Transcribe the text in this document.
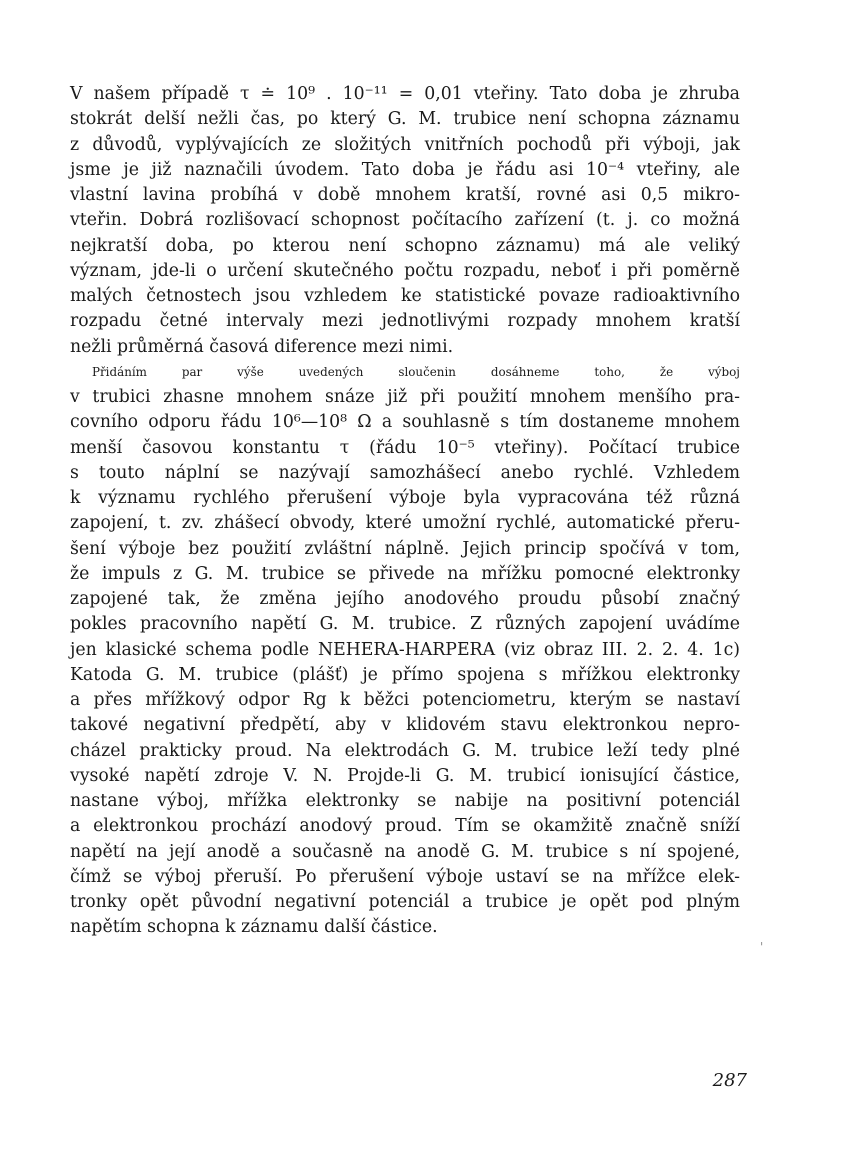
V našem případě τ ≐ 10⁹ . 10⁻¹¹ = 0,01 vteřiny. Tato doba je zhruba
stokrát delší nežli čas, po který G. M. trubice není schopna záznamu
z důvodů, vyplývajících ze složitých vnitřních pochodů při výboji, jak
jsme je již naznačili úvodem. Tato doba je řádu asi 10⁻⁴ vteřiny, ale
vlastní lavina probíhá v době mnohem kratší, rovné asi 0,5 mikro-
vteřin. Dobrá rozlišovací schopnost počítacího zařízení (t. j. co možná
nejkratší doba, po kterou není schopno záznamu) má ale veliký
význam, jde-li o určení skutečného počtu rozpadu, neboť i při poměrně
malých četnostech jsou vzhledem ke statistické povaze radioaktivního
rozpadu četné intervaly mezi jednotlivými rozpady mnohem kratší
nežli průměrná časová diference mezi nimi.
Přidáním par výše uvedených sloučenin dosáhneme toho, že výboj
v trubici zhasne mnohem snáze již při použití mnohem menšího pra-
covního odporu řádu 10⁶—10⁸ Ω a souhlasně s tím dostaneme mnohem
menší časovou konstantu τ (řádu 10⁻⁵ vteřiny). Počítací trubice
s touto náplní se nazývají samozhášecí anebo rychlé. Vzhledem
k významu rychlého přerušení výboje byla vypracována též různá
zapojení, t. zv. zhášecí obvody, které umožní rychlé, automatické přeru-
šení výboje bez použití zvláštní náplně. Jejich princip spočívá v tom,
že impuls z G. M. trubice se přivede na mřížku pomocné elektronky
zapojené tak, že změna jejího anodového proudu působí značný
pokles pracovního napětí G. M. trubice. Z různých zapojení uvádíme
jen klasické schema podle NEHERA-HARPERA (viz obraz III. 2. 2. 4. 1c)
Katoda G. M. trubice (plášť) je přímo spojena s mřížkou elektronky
a přes mřížkový odpor Rg k běžci potenciometru, kterým se nastaví
takové negativní předpětí, aby v klidovém stavu elektronkou nepro-
cházel prakticky proud. Na elektrodách G. M. trubice leží tedy plné
vysoké napětí zdroje V. N. Projde-li G. M. trubicí ionisující částice,
nastane výboj, mřížka elektronky se nabije na positivní potenciál
a elektronkou prochází anodový proud. Tím se okamžitě značně sníží
napětí na její anodě a současně na anodě G. M. trubice s ní spojené,
čímž se výboj přeruší. Po přerušení výboje ustaví se na mřížce elek-
tronky opět původní negativní potenciál a trubice je opět pod plným
napětím schopna k záznamu další částice.
287
'
